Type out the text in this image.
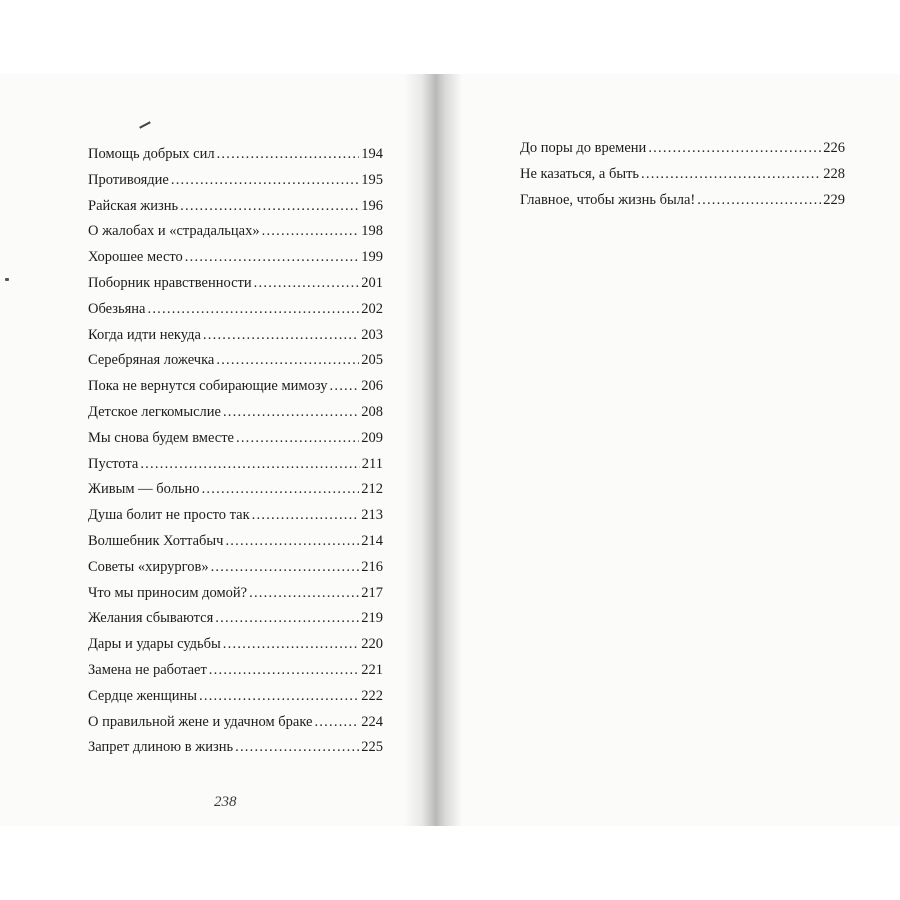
Помощь добрых сил . . .	194
Противоядие . . .	195
Райская жизнь . . .	196
О жалобах и «страдальцах» . . .	198
Хорошее место . . .	199
Поборник нравственности . . .	201
Обезьяна . . .	202
Когда идти некуда . . .	203
Серебряная ложечка . . .	205
Пока не вернутся собирающие мимозу . . . 206
Детское легкомыслие . . .	208
Мы снова будем вместе . . .	209
Пустота . . .	211
Живым — больно . . .	212
Душа болит не просто так . . .	213
Волшебник Хоттабыч . . .	214
Советы «хирургов» . . .	216
Что мы приносим домой? . . .	217
Желания сбываются . . .	219
Дары и удары судьбы . . .	220
Замена не работает . . .	221
Сердце женщины . . .	222
О правильной жене и удачном браке . . .	224
Запрет длиною в жизнь . . .	225
До поры до времени . . .	226
Не казаться, а быть . . .	228
Главное, чтобы жизнь была! . . .	229
238
